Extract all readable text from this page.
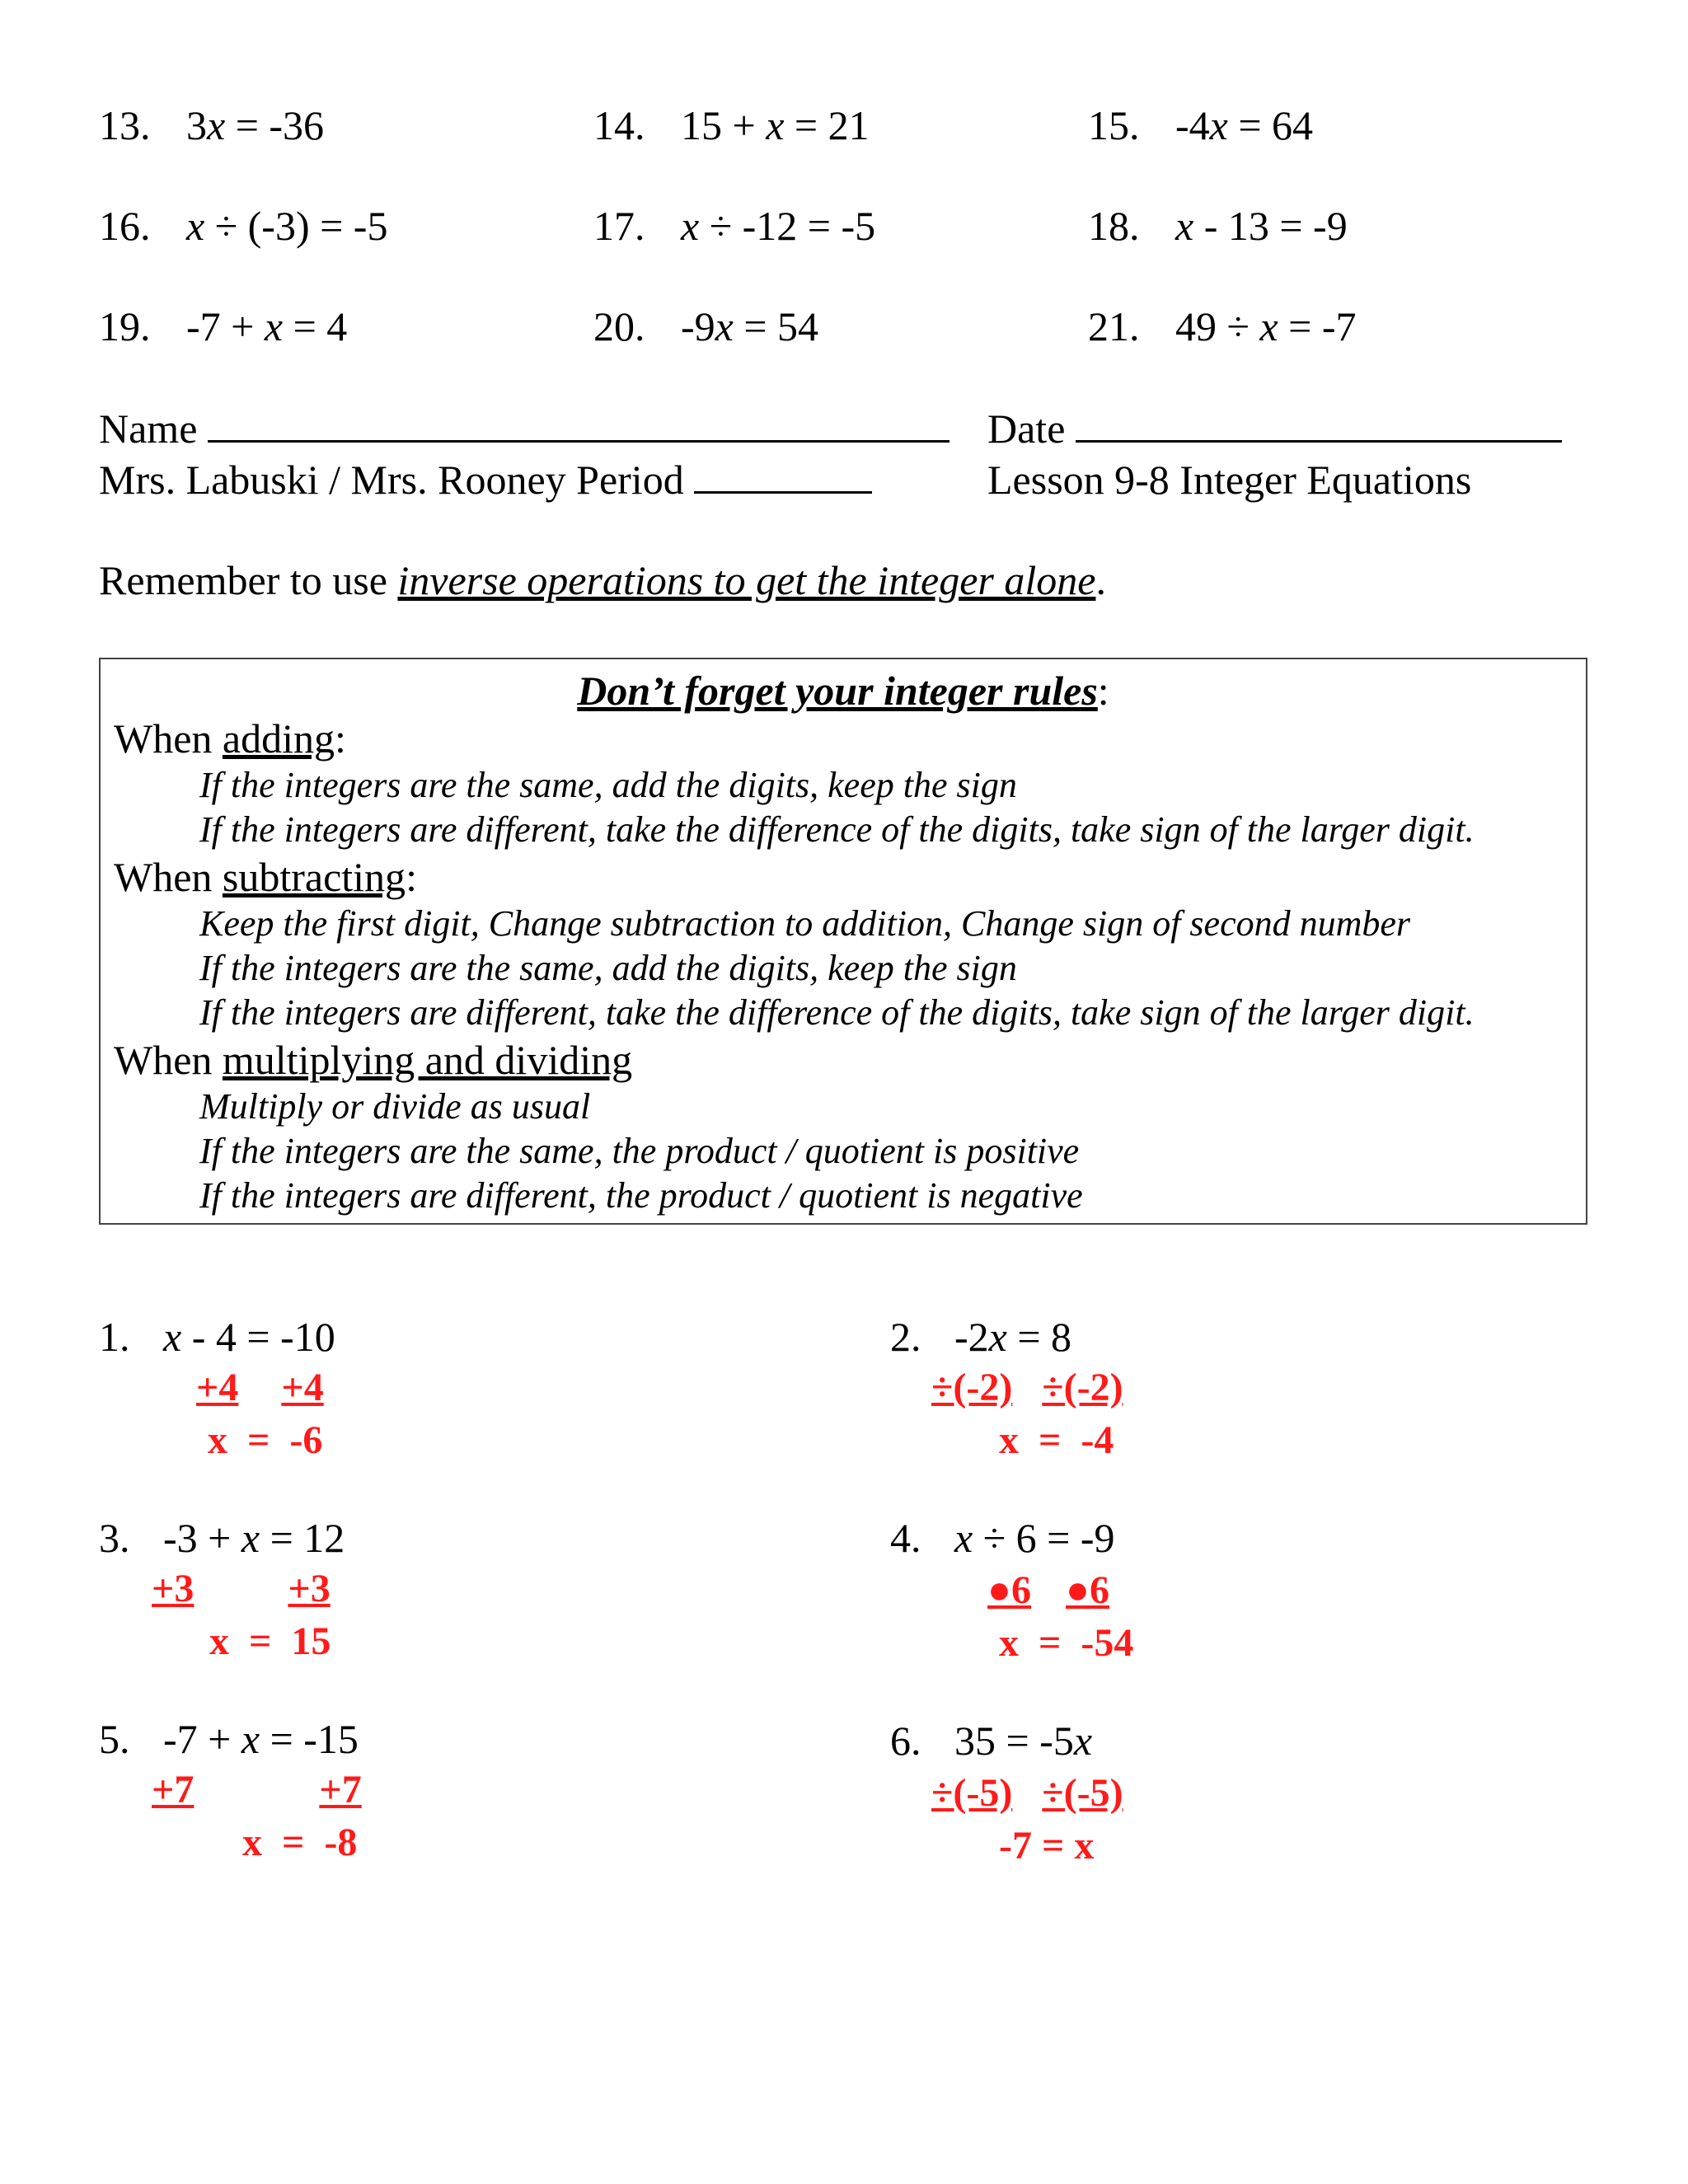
13. 3x = -36	14. 15 + x = 21	15. -4x = 64
16. x ÷ (-3) = -5	17. x ÷ -12 = -5	18. x - 13 = -9
19. -7 + x = 4	20. -9x = 54	21. 49 ÷ x = -7
Name	Date
Mrs. Labuski / Mrs. Rooney Period	Lesson 9-8 Integer Equations
Remember to use inverse operations to get the integer alone.
Don’t forget your integer rules:
When adding:
If the integers are the same, add the digits, keep the sign
If the integers are different, take the difference of the digits, take sign of the larger digit.
When subtracting:
Keep the first digit, Change subtraction to addition, Change sign of second number
If the integers are the same, add the digits, keep the sign
If the integers are different, take the difference of the digits, take sign of the larger digit.
When multiplying and dividing
Multiply or divide as usual
If the integers are the same, the product / quotient is positive
If the integers are different, the product / quotient is negative
1. x - 4 = -10
+4 +4
x  =  -6
2. -2x = 8
÷(-2) ÷(-2)
x  =  -4
3. -3 + x = 12
+3 +3
x  =  15
4. x ÷ 6 = -9
●6 ●6
x  =  -54
5. -7 + x = -15
+7	+7
x  =  -8
6. 35 = -5x
÷(-5) ÷(-5)
-7 = x
